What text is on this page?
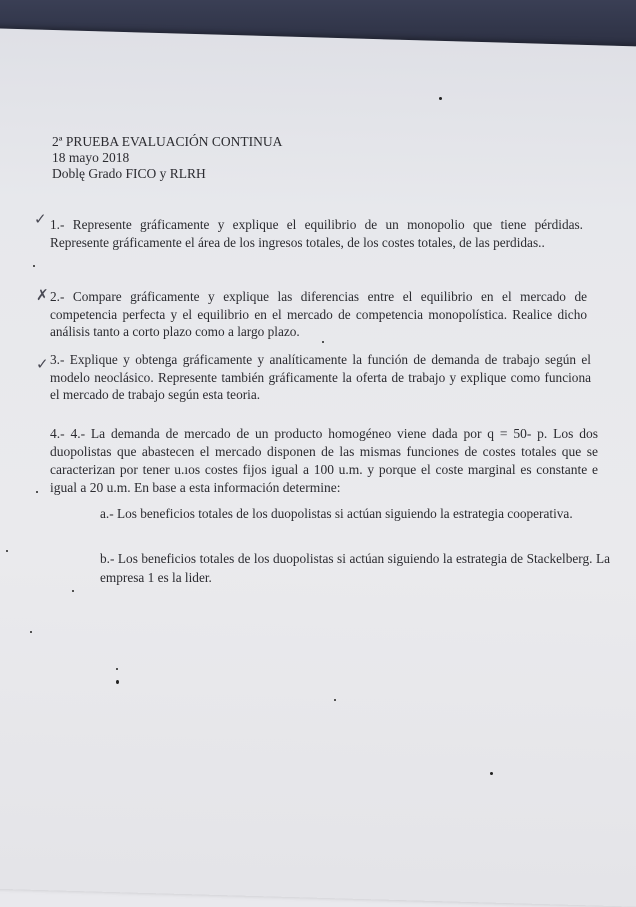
2ª PRUEBA EVALUACIÓN CONTINUA
18 mayo 2018
Doblę Grado FICO y RLRH
✓ 1.- Represente gráficamente y explique el equilibrio de un monopolio que tiene pérdidas. Represente gráficamente el área de los ingresos totales, de los costes totales, de las perdidas..

✗ 2.- Compare gráficamente y explique las diferencias entre el equilibrio en el mercado de competencia perfecta y el equilibrio en el mercado de competencia monopolística. Realice dicho análisis tanto a corto plazo como a largo plazo.

✓ 3.- Explique y obtenga gráficamente y analíticamente la función de demanda de trabajo según el modelo neoclásico. Represente también gráficamente la oferta de trabajo y explique como funciona el mercado de trabajo según esta teoria.

4.- 4.- La demanda de mercado de un producto homogéneo viene dada por q = 50- p. Los dos duopolistas que abastecen el mercado disponen de las mismas funciones de costes totales que se caracterizan por tener u.ıos costes fijos igual a 100 u.m. y porque el coste marginal es constante e igual a 20 u.m. En base a esta información determine:

a.- Los beneficios totales de los duopolistas si actúan siguiendo la estrategia cooperativa.

b.- Los beneficios totales de los duopolistas si actúan siguiendo la estrategia de Stackelberg. La empresa 1 es la lider.
